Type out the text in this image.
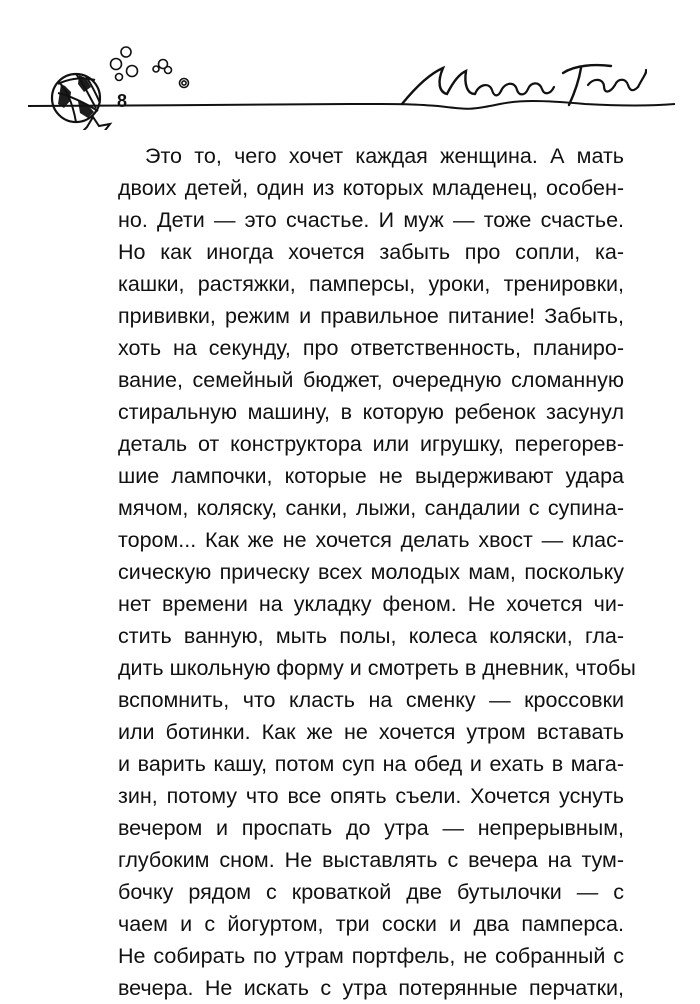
8
Это то, чего хочет каждая женщина. А мать
двоих детей, один из которых младенец, особен-
но. Дети — это счастье. И муж — тоже счастье.
Но как иногда хочется забыть про сопли, ка-
кашки, растяжки, памперсы, уроки, тренировки,
прививки, режим и правильное питание! Забыть,
хоть на секунду, про ответственность, планиро-
вание, семейный бюджет, очередную сломанную
стиральную машину, в которую ребенок засунул
деталь от конструктора или игрушку, перегорев-
шие лампочки, которые не выдерживают удара
мячом, коляску, санки, лыжи, сандалии с супина-
тором... Как же не хочется делать хвост — клас-
сическую прическу всех молодых мам, поскольку
нет времени на укладку феном. Не хочется чи-
стить ванную, мыть полы, колеса коляски, гла-
дить школьную форму и смотреть в дневник, чтобы
вспомнить, что класть на сменку — кроссовки
или ботинки. Как же не хочется утром вставать
и варить кашу, потом суп на обед и ехать в мага-
зин, потому что все опять съели. Хочется уснуть
вечером и проспать до утра — непрерывным,
глубоким сном. Не выставлять с вечера на тум-
бочку рядом с кроваткой две бутылочки — с
чаем и с йогуртом, три соски и два памперса.
Не собирать по утрам портфель, не собранный с
вечера. Не искать с утра потерянные перчатки,
